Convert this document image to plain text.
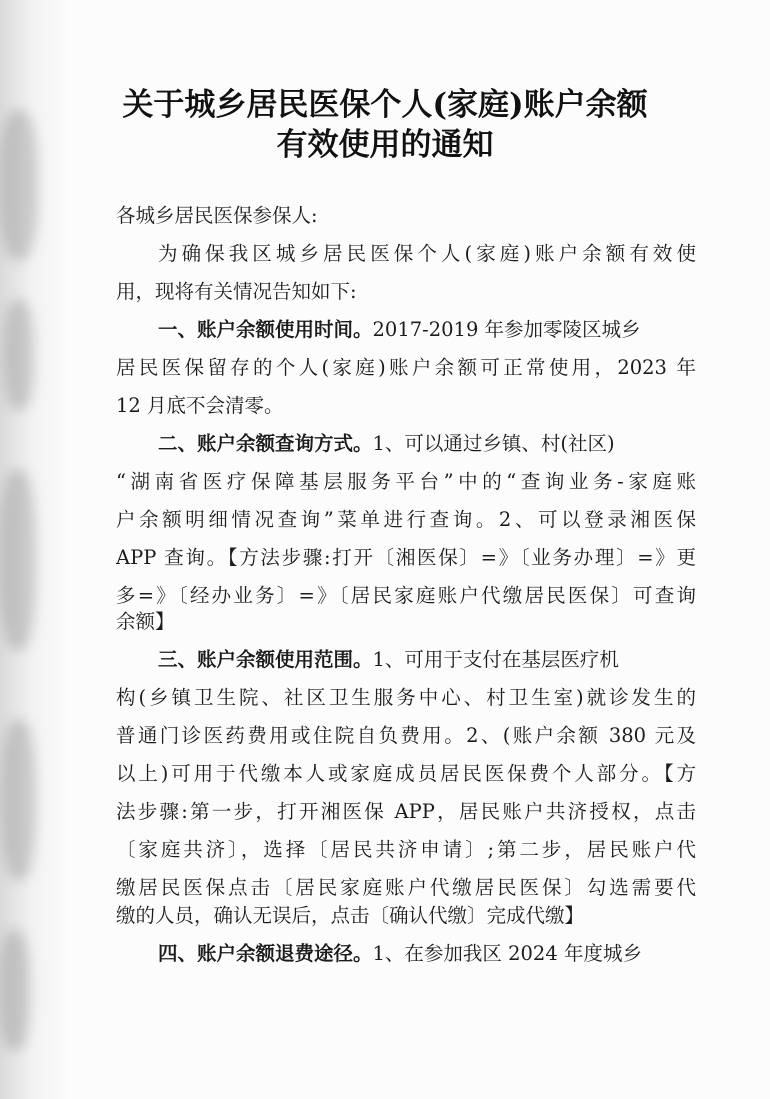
关于城乡居民医保个人(家庭)账户余额
有效使用的通知
各城乡居民医保参保人:
为确保我区城乡居民医保个人(家庭)账户余额有效使
用，现将有关情况告知如下:
一、账户余额使用时间。2017-2019 年参加零陵区城乡
居民医保留存的个人(家庭)账户余额可正常使用，2023 年
12 月底不会清零。
二、账户余额查询方式。1、可以通过乡镇、村(社区)
“湖南省医疗保障基层服务平台”中的“查询业务-家庭账
户余额明细情况查询”菜单进行查询。2、可以登录湘医保
APP 查询。【方法步骤:打开〔湘医保〕=》〔业务办理〕=》更
多=》〔经办业务〕=》〔居民家庭账户代缴居民医保〕可查询
余额】
三、账户余额使用范围。1、可用于支付在基层医疗机
构(乡镇卫生院、社区卫生服务中心、村卫生室)就诊发生的
普通门诊医药费用或住院自负费用。2、(账户余额 380 元及
以上)可用于代缴本人或家庭成员居民医保费个人部分。【方
法步骤:第一步，打开湘医保 APP，居民账户共济授权，点击
〔家庭共济〕，选择〔居民共济申请〕;第二步，居民账户代
缴居民医保点击〔居民家庭账户代缴居民医保〕勾选需要代
缴的人员，确认无误后，点击〔确认代缴〕完成代缴】
四、账户余额退费途径。1、在参加我区 2024 年度城乡
